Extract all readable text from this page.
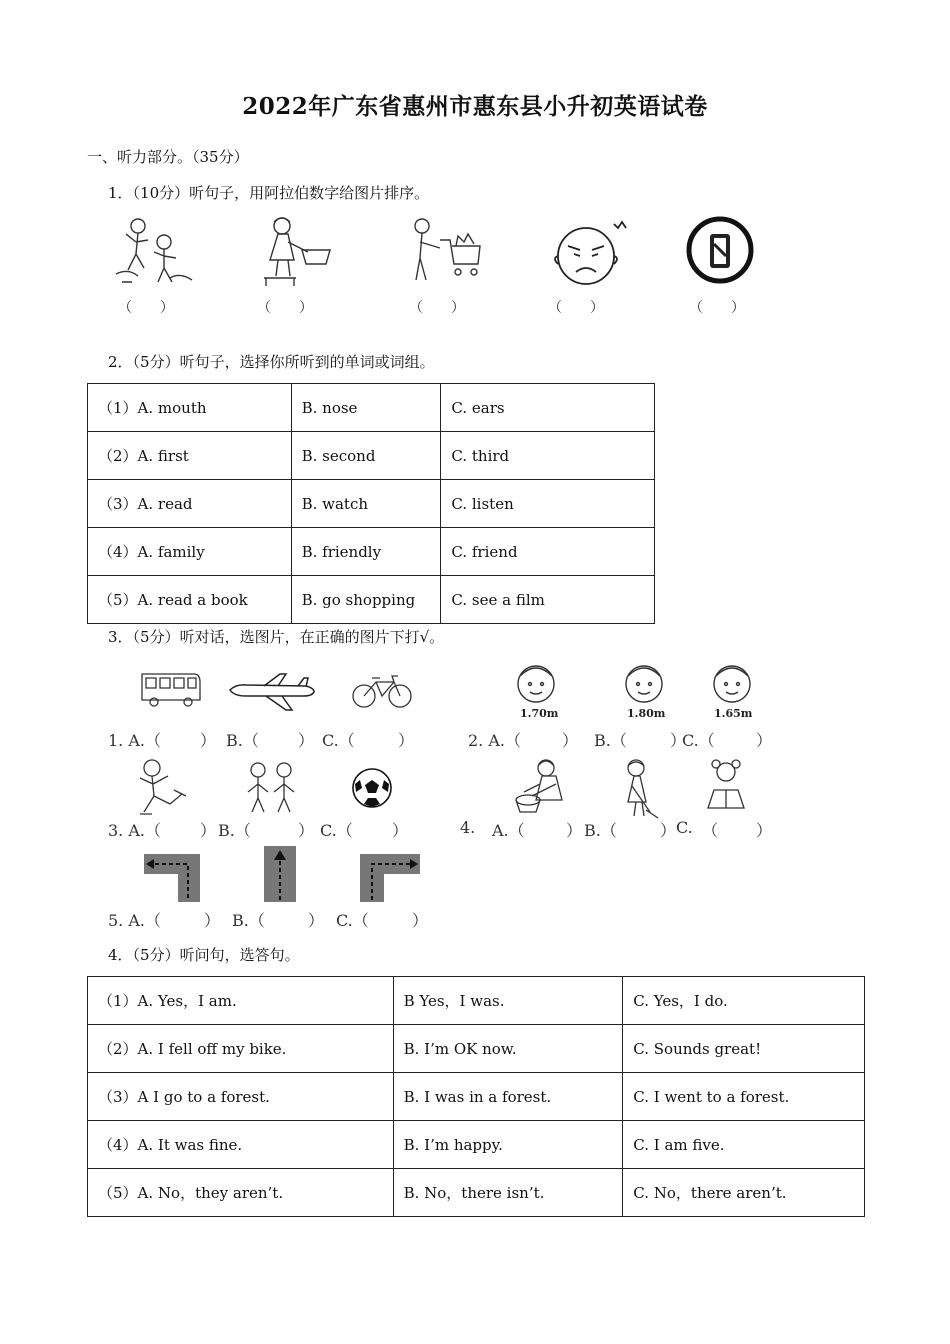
2022年广东省惠州市惠东县小升初英语试卷
一、听力部分。（35分）
1．（10分）听句子，用阿拉伯数字给图片排序。
（　　）	（　　）	（　　）	（　　）	（　　）
2．（5分）听句子，选择你所听到的单词或词组。
（1）A. mouth	B. nose	C. ears
（2）A. first	B. second	C. third
（3）A. read	B. watch	C. listen
（4）A. family	B. friendly	C. friend
（5）A. read a book	B. go shopping	C. see a film
3．（5分）听对话，选图片，在正确的图片下打√。
1.70m	1.80m	1.65m
1. A.（ ） B.（ ） C.（	）	2. A.（	） B.（	）
C.（	）
3. A.（ ） B.（	） C.（ ）	4. A.（	） B.（	） C. （ ）
5. A.（	） B.（	） C.（	）
4．（5分）听问句，选答句。
（1）A. Yes，I am.	B Yes，I was.	C. Yes，I do.
（2）A. I fell off my bike.	B. I’m OK now.	C. Sounds great!
（3）A I go to a forest.	B. I was in a forest.	C. I went to a forest.
（4）A. It was fine.	B. I’m happy.	C. I am five.
（5）A. No，they aren’t.	B. No，there isn’t.	C. No，there aren’t.
